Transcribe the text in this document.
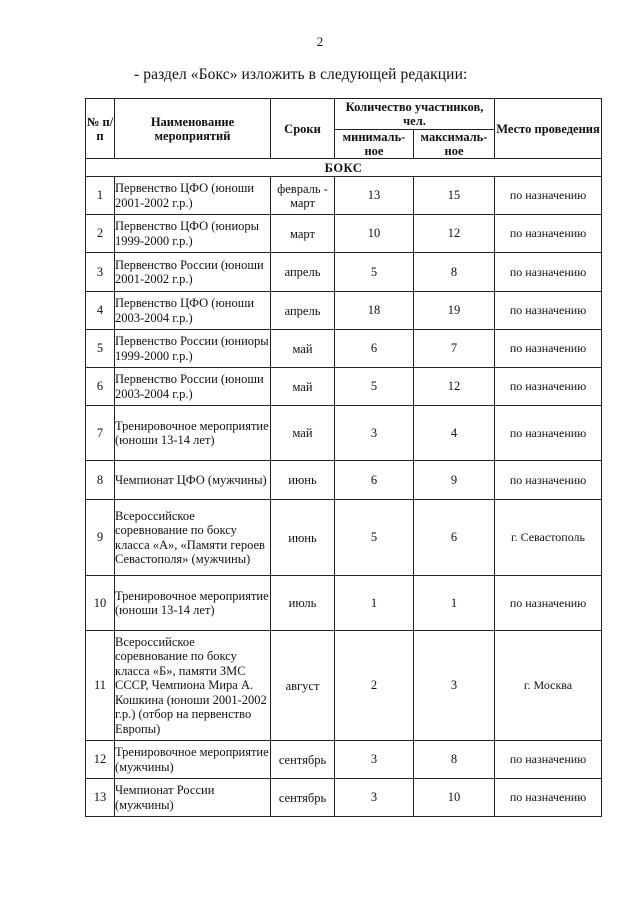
2
- раздел «Бокс» изложить в следующей редакции:
№ п/п	Наименование мероприятий	Сроки	Количество участников, чел.		Место проведения
			минималь-ное	максималь-ное	
БОКС					
1	Первенство ЦФО (юноши 2001-2002 г.р.)	февраль - март	13	15	по назначению
2	Первенство ЦФО (юниоры 1999-2000 г.р.)	март	10	12	по назначению
3	Первенство России (юноши 2001-2002 г.р.)	апрель	5	8	по назначению
4	Первенство ЦФО (юноши 2003-2004 г.р.)	апрель	18	19	по назначению
5	Первенство России (юниоры 1999-2000 г.р.)	май	6	7	по назначению
6	Первенство России (юноши 2003-2004 г.р.)	май	5	12	по назначению
7	Тренировочное мероприятие (юноши 13-14 лет)	май	3	4	по назначению
8	Чемпионат ЦФО (мужчины)	июнь	6	9	по назначению
9	Всероссийское соревнование по боксу класса «А», «Памяти героев Севастополя» (мужчины)	июнь	5	6	г. Севастополь
10	Тренировочное мероприятие (юноши 13-14 лет)	июль	1	1	по назначению
11	Всероссийское соревнование по боксу класса «Б», памяти ЗМС СССР, Чемпиона Мира А. Кошкина (юноши 2001-2002 г.р.) (отбор на первенство Европы)	август	2	3	г. Москва
12	Тренировочное мероприятие (мужчины)	сентябрь	3	8	по назначению
13	Чемпионат России (мужчины)	сентябрь	3	10	по назначению
